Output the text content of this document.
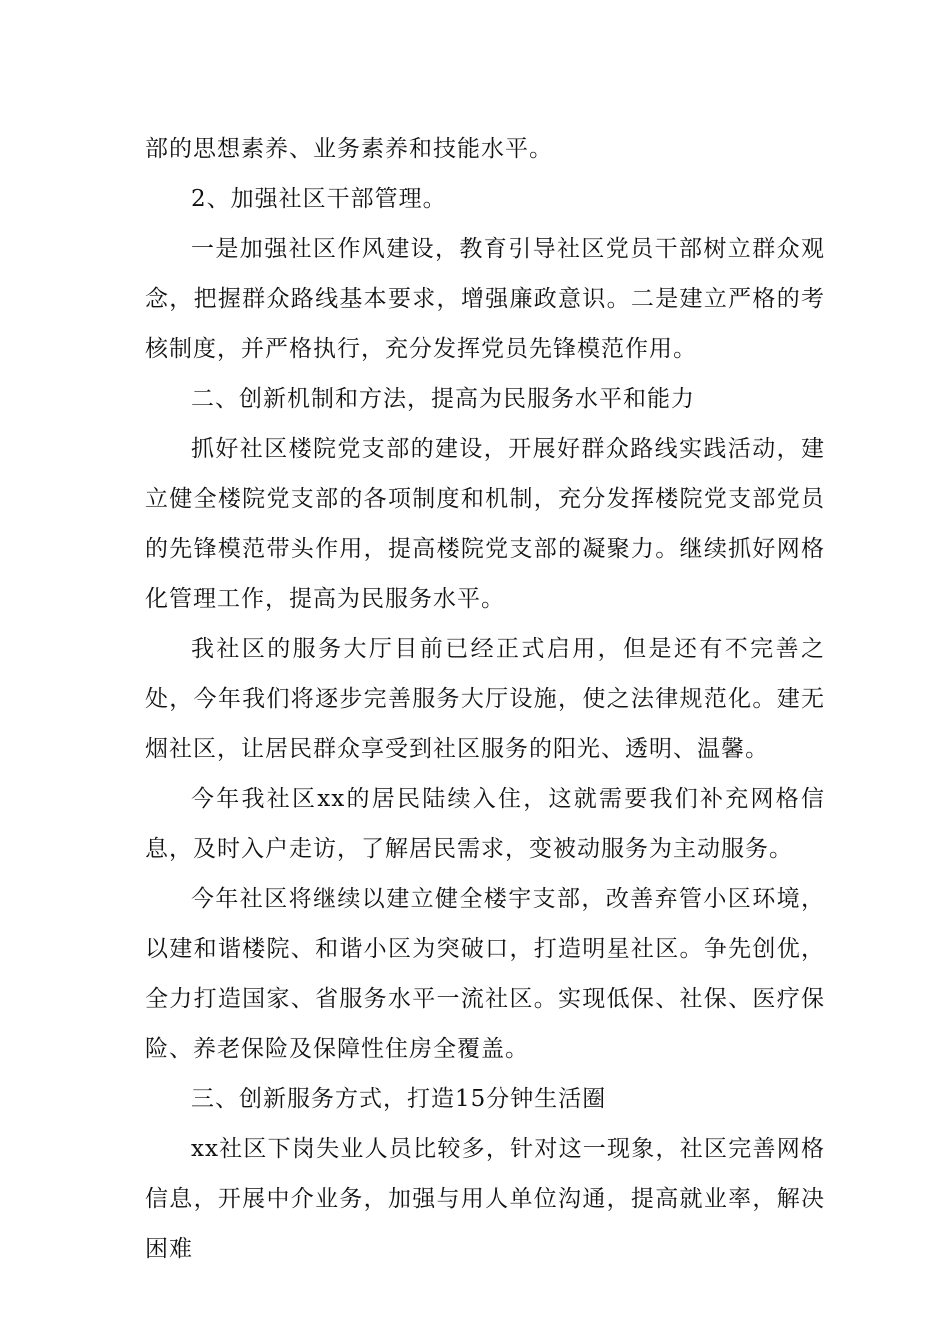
部的思想素养、业务素养和技能水平。

2、加强社区干部管理。

一是加强社区作风建设，教育引导社区党员干部树立群众观念，把握群众路线基本要求，增强廉政意识。二是建立严格的考核制度，并严格执行，充分发挥党员先锋模范作用。

二、创新机制和方法，提高为民服务水平和能力

抓好社区楼院党支部的建设，开展好群众路线实践活动，建立健全楼院党支部的各项制度和机制，充分发挥楼院党支部党员的先锋模范带头作用，提高楼院党支部的凝聚力。继续抓好网格化管理工作，提高为民服务水平。

我社区的服务大厅目前已经正式启用，但是还有不完善之处，今年我们将逐步完善服务大厅设施，使之法律规范化。建无烟社区，让居民群众享受到社区服务的阳光、透明、温馨。

今年我社区xx的居民陆续入住，这就需要我们补充网格信息，及时入户走访，了解居民需求，变被动服务为主动服务。

今年社区将继续以建立健全楼宇支部，改善弃管小区环境，以建和谐楼院、和谐小区为突破口，打造明星社区。争先创优，全力打造国家、省服务水平一流社区。实现低保、社保、医疗保险、养老保险及保障性住房全覆盖。

三、创新服务方式，打造15分钟生活圈

xx社区下岗失业人员比较多，针对这一现象，社区完善网格信息，开展中介业务，加强与用人单位沟通，提高就业率，解决困难
